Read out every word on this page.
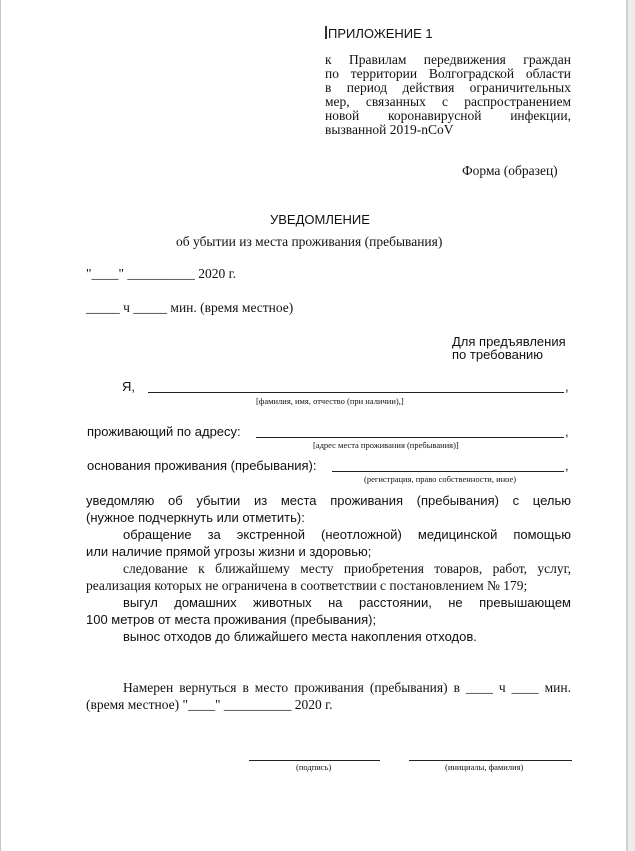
ПРИЛОЖЕНИЕ 1
к Правилам передвижения граждан
по территории Волгоградской области
в период действия ограничительных
мер, связанных с распространением
новой коронавирусной инфекции,
вызванной 2019-nCoV
Форма (образец)
УВЕДОМЛЕНИЕ
об убытии из места проживания (пребывания)
"____" __________ 2020 г.
_____ ч _____ мин. (время местное)
Для предъявления
по требованию
Я,	,
[фамилия, имя, отчество (при наличии),]
проживающий по адресу:	,
[адрес места проживания (пребывания)]
основания проживания (пребывания):	,
(регистрация, право собственности, иное)
уведомляю об убытии из места проживания (пребывания) с целью
(нужное подчеркнуть или отметить):
обращение за экстренной (неотложной) медицинской помощью
или наличие прямой угрозы жизни и здоровью;
следование к ближайшему месту приобретения товаров, работ, услуг,
реализация которых не ограничена в соответствии с постановлением № 179;
выгул домашних животных на расстоянии, не превышающем
100 метров от места проживания (пребывания);
вынос отходов до ближайшего места накопления отходов.
Намерен вернуться в место проживания (пребывания) в ____ ч ____ мин.
(время местное) "____" __________ 2020 г.
(подпись)	(инициалы, фамилия)
